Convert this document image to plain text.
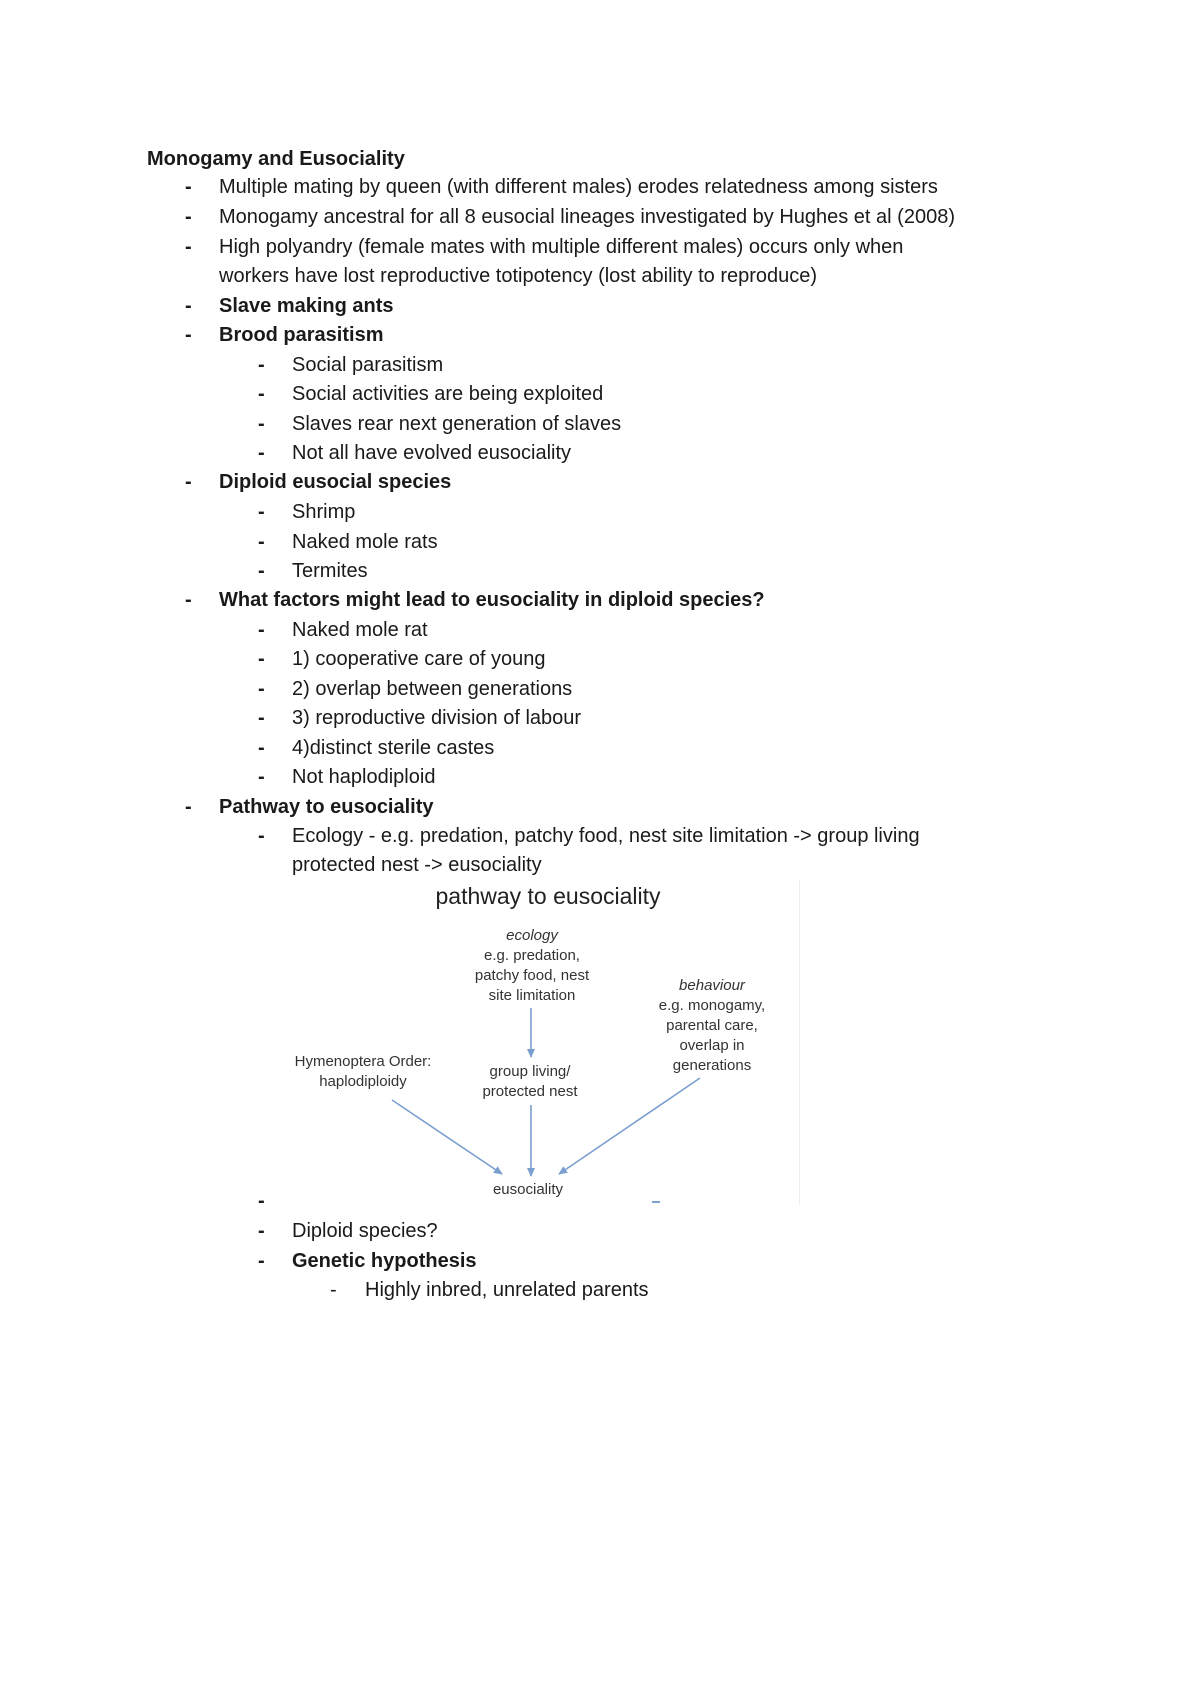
Monogamy and Eusociality
- Multiple mating by queen (with different males) erodes relatedness among sisters
- Monogamy ancestral for all 8 eusocial lineages investigated by Hughes et al (2008)
- High polyandry (female mates with multiple different males) occurs only when
workers have lost reproductive totipotency (lost ability to reproduce)
- Slave making ants
- Brood parasitism
- Social parasitism
- Social activities are being exploited
- Slaves rear next generation of slaves
- Not all have evolved eusociality
- Diploid eusocial species
- Shrimp
- Naked mole rats
- Termites
- What factors might lead to eusociality in diploid species?
- Naked mole rat
- 1) cooperative care of young
- 2) overlap between generations
- 3) reproductive division of labour
- 4)distinct sterile castes
- Not haplodiploid
- Pathway to eusociality
- Ecology - e.g. predation, patchy food, nest site limitation -> group living
protected nest -> eusociality
pathway to eusociality
ecology
e.g. predation,
patchy food, nest
site limitation
behaviour
e.g. monogamy,
parental care,
overlap in
generations
Hymenoptera Order:
haplodiploidy
group living/
protected nest
eusociality
-
- Diploid species?
- Genetic hypothesis
- Highly inbred, unrelated parents
